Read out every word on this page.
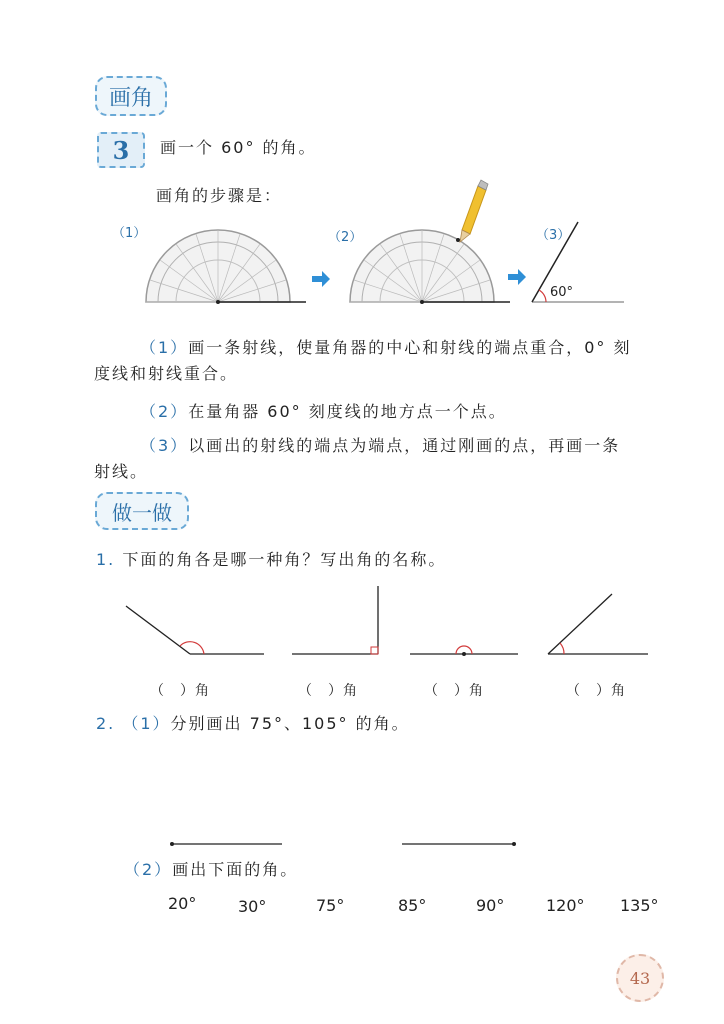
画角
3	画一个 60° 的角。
画角的步骤是：
（1）	（2）	（3）
60°
（1）画一条射线，使量角器的中心和射线的端点重合，0° 刻
度线和射线重合。
（2）在量角器 60° 刻度线的地方点一个点。
（3）以画出的射线的端点为端点，通过刚画的点，再画一条
射线。
做一做
1. 下面的角各是哪一种角？写出角的名称。
（　）角	（　）角	（　）角	（　）角
2. （1）分别画出 75°、105° 的角。
（2）画出下面的角。
20°	30°	75°	85°	90°	120° 135°
43
